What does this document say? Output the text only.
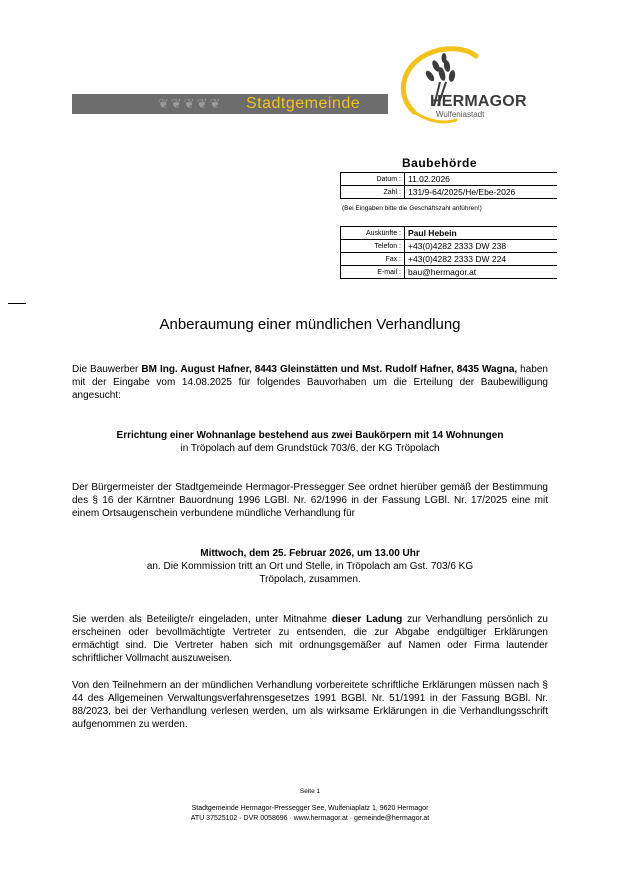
❦❦❦❦❦ Stadtgemeinde	HERMAGOR
Wulfeniastadt
Baubehörde
Datum :	11.02.2026
Zahl :	131/9-64/2025/He/Ebe-2026
(Bei Eingaben bitte die Geschäftszahl anführen!)
Auskünfte :	Paul Hebein
Telefon :	+43(0)4282 2333 DW 238
Fax :	+43(0)4282 2333 DW 224
E-mail :	bau@hermagor.at
Anberaumung einer mündlichen Verhandlung
Die Bauwerber BM Ing. August Hafner, 8443 Gleinstätten und Mst. Rudolf Hafner, 8435 Wagna, haben mit der Eingabe vom 14.08.2025 für folgendes Bauvorhaben um die Erteilung der Baubewilligung angesucht:
Errichtung einer Wohnanlage bestehend aus zwei Baukörpern mit 14 Wohnungen
in Tröpolach auf dem Grundstück 703/6, der KG Tröpolach
Der Bürgermeister der Stadtgemeinde Hermagor-Pressegger See ordnet hierüber gemäß der Bestimmung des § 16 der Kärntner Bauordnung 1996 LGBl. Nr. 62/1996 in der Fassung LGBl. Nr. 17/2025 eine mit einem Ortsaugenschein verbundene mündliche Verhandlung für
Mittwoch, dem 25. Februar 2026, um 13.00 Uhr
an. Die Kommission tritt an Ort und Stelle, in Tröpolach am Gst. 703/6 KG Tröpolach, zusammen.
Sie werden als Beteiligte/r eingeladen, unter Mitnahme dieser Ladung zur Verhandlung persönlich zu erscheinen oder bevollmächtigte Vertreter zu entsenden, die zur Abgabe endgültiger Erklärungen ermächtigt sind. Die Vertreter haben sich mit ordnungsgemäßer auf Namen oder Firma lautender schriftlicher Vollmacht auszuweisen.
Von den Teilnehmern an der mündlichen Verhandlung vorbereitete schriftliche Erklärungen müssen nach § 44 des Allgemeinen Verwaltungsverfahrensgesetzes 1991 BGBl. Nr. 51/1991 in der Fassung BGBl. Nr. 88/2023, bei der Verhandlung verlesen werden, um als wirksame Erklärungen in die Verhandlungsschrift aufgenommen zu werden.
Seite 1
Stadtgemeinde Hermagor-Pressegger See, Wulfeniaplatz 1, 9620 Hermagor
ATU 37525102 · DVR 0058696 · www.hermagor.at · gemeinde@hermagor.at
